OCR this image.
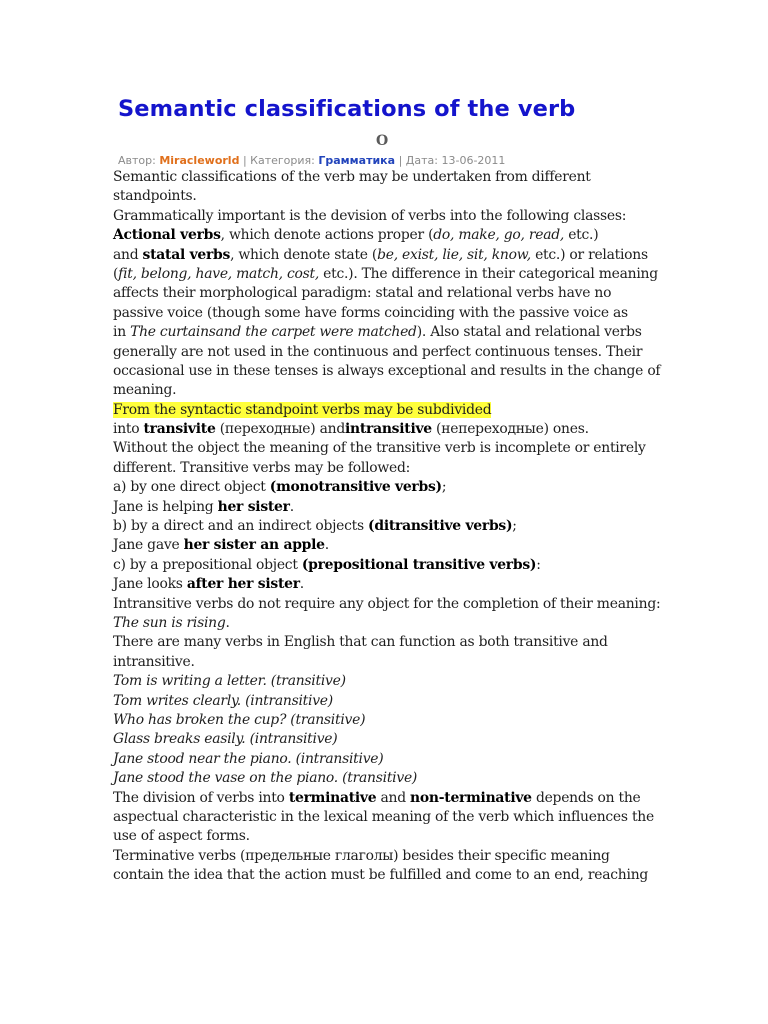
Semantic classifications of the verb
O
Автор: Miracleworld | Категория: Грамматика | Дата: 13-06-2011
Semantic classifications of the verb may be undertaken from different
standpoints.
Grammatically important is the devision of verbs into the following classes:
Actional verbs, which denote actions proper (do, make, go, read, etc.)
and statal verbs, which denote state (be, exist, lie, sit, know, etc.) or relations
(fit, belong, have, match, cost, etc.). The difference in their categorical meaning
affects their morphological paradigm: statal and relational verbs have no
passive voice (though some have forms coinciding with the passive voice as
in The curtainsand the carpet were matched). Also statal and relational verbs
generally are not used in the continuous and perfect continuous tenses. Their
occasional use in these tenses is always exceptional and results in the change of
meaning.
From the syntactic standpoint verbs may be subdivided
into transivite (переходные) andintransitive (непереходные) ones.
Without the object the meaning of the transitive verb is incomplete or entirely
different. Transitive verbs may be followed:
a) by one direct object (monotransitive verbs);
Jane is helping her sister.
b) by a direct and an indirect objects (ditransitive verbs);
Jane gave her sister an apple.
c) by a prepositional object (prepositional transitive verbs):
Jane looks after her sister.
Intransitive verbs do not require any object for the completion of their meaning:
The sun is rising.
There are many verbs in English that can function as both transitive and
intransitive.
Tom is writing a letter. (transitive)
Tom writes clearly. (intransitive)
Who has broken the cup? (transitive)
Glass breaks easily. (intransitive)
Jane stood near the piano. (intransitive)
Jane stood the vase on the piano. (transitive)
The division of verbs into terminative and non-terminative depends on the
aspectual characteristic in the lexical meaning of the verb which influences the
use of aspect forms.
Terminative verbs (предельные глаголы) besides their specific meaning
contain the idea that the action must be fulfilled and come to an end, reaching
